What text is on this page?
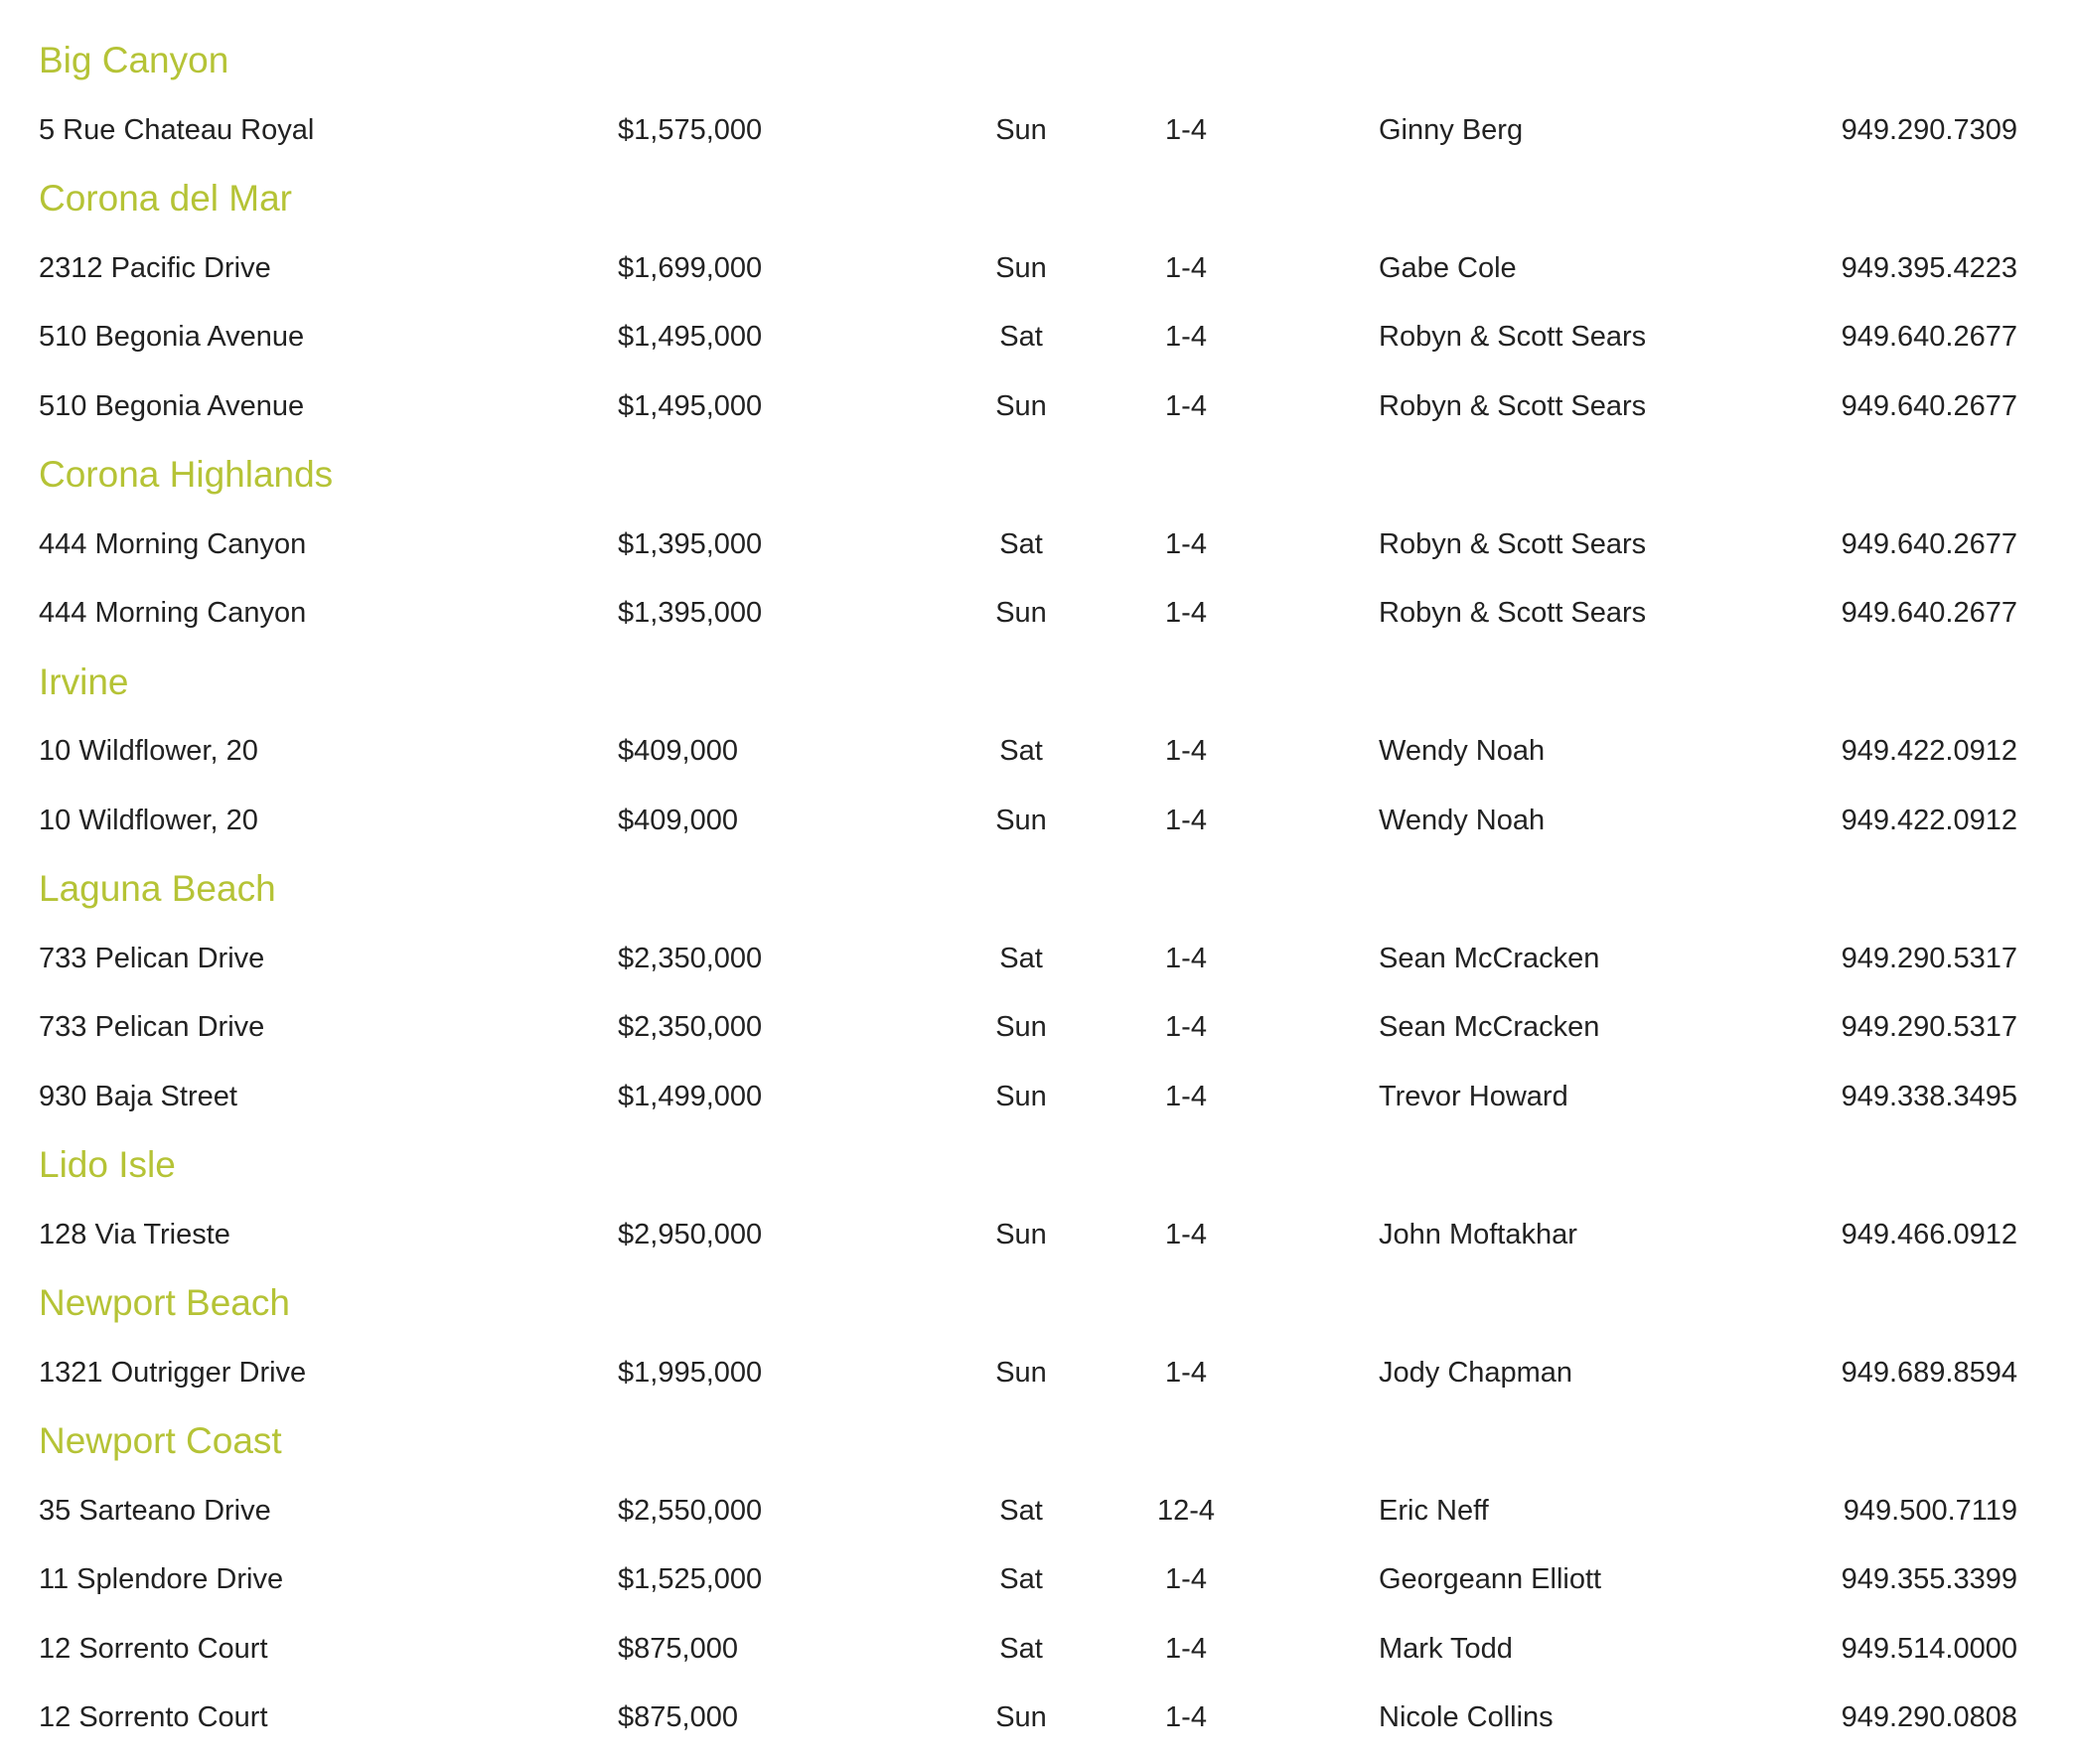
Big Canyon
5 Rue Chateau Royal	$1,575,000	Sun	1-4	Ginny Berg	949.290.7309
Corona del Mar
2312 Pacific Drive	$1,699,000	Sun	1-4	Gabe Cole	949.395.4223
510 Begonia Avenue	$1,495,000	Sat	1-4	Robyn & Scott Sears	949.640.2677
510 Begonia Avenue	$1,495,000	Sun	1-4	Robyn & Scott Sears	949.640.2677
Corona Highlands
444 Morning Canyon	$1,395,000	Sat	1-4	Robyn & Scott Sears	949.640.2677
444 Morning Canyon	$1,395,000	Sun	1-4	Robyn & Scott Sears	949.640.2677
Irvine
10 Wildflower, 20	$409,000	Sat	1-4	Wendy Noah	949.422.0912
10 Wildflower, 20	$409,000	Sun	1-4	Wendy Noah	949.422.0912
Laguna Beach
733 Pelican Drive	$2,350,000	Sat	1-4	Sean McCracken	949.290.5317
733 Pelican Drive	$2,350,000	Sun	1-4	Sean McCracken	949.290.5317
930 Baja Street	$1,499,000	Sun	1-4	Trevor Howard	949.338.3495
Lido Isle
128 Via Trieste	$2,950,000	Sun	1-4	John Moftakhar	949.466.0912
Newport Beach
1321 Outrigger Drive	$1,995,000	Sun	1-4	Jody Chapman	949.689.8594
Newport Coast
35 Sarteano Drive	$2,550,000	Sat	12-4	Eric Neff	949.500.7119
11 Splendore Drive	$1,525,000	Sat	1-4	Georgeann Elliott	949.355.3399
12 Sorrento Court	$875,000	Sat	1-4	Mark Todd	949.514.0000
12 Sorrento Court	$875,000	Sun	1-4	Nicole Collins	949.290.0808
